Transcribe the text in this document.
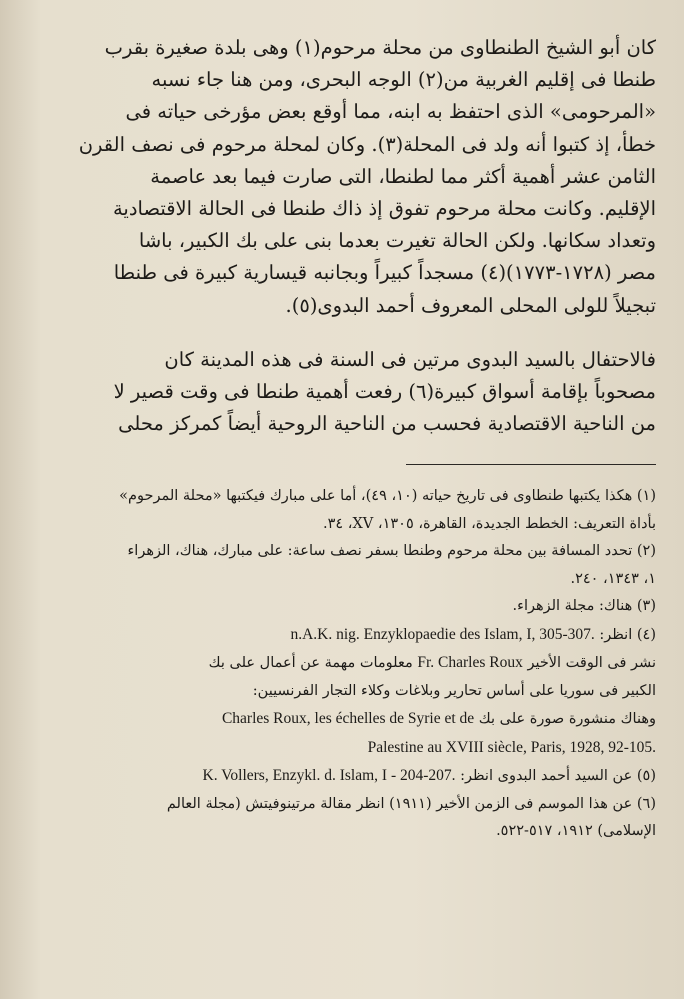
كان أبو الشيخ الطنطاوى من محلة مرحوم(١) وهى بلدة صغيرة بقرب
طنطا فى إقليم الغربية من(٢) الوجه البحرى، ومن هنا جاء نسبه
«المرحومى» الذى احتفظ به ابنه، مما أوقع بعض مؤرخى حياته فى
خطأ، إذ كتبوا أنه ولد فى المحلة(٣). وكان لمحلة مرحوم فى نصف القرن
الثامن عشر أهمية أكثر مما لطنطا، التى صارت فيما بعد عاصمة
الإقليم. وكانت محلة مرحوم تفوق إذ ذاك طنطا فى الحالة الاقتصادية
وتعداد سكانها. ولكن الحالة تغيرت بعدما بنى على بك الكبير، باشا
مصر (١٧٢٨-١٧٧٣)(٤) مسجداً كبيراً وبجانبه قيسارية كبيرة فى طنطا
تبجيلاً للولى المحلى المعروف أحمد البدوى(٥).
فالاحتفال بالسيد البدوى مرتين فى السنة فى هذه المدينة كان
مصحوباً بإقامة أسواق كبيرة(٦) رفعت أهمية طنطا فى وقت قصير لا
من الناحية الاقتصادية فحسب من الناحية الروحية أيضاً كمركز محلى
(١) هكذا يكتبها طنطاوى فى تاريخ حياته (١٠، ٤٩)، أما على مبارك فيكتبها «محلة المرحوم»
بأداة التعريف: الخطط الجديدة، القاهرة، ١٣٠٥، XV، ٣٤.
(٢) تحدد المسافة بين محلة مرحوم وطنطا بسفر نصف ساعة: على مبارك، هناك، الزهراء
١، ١٣٤٣، ٢٤٠.
(٣) هناك: مجلة الزهراء.
(٤) انظر: n.A.K. nig. Enzyklopaedie des Islam, I, 305-307.
نشر فى الوقت الأخير Fr. Charles Roux معلومات مهمة عن أعمال على بك
الكبير فى سوريا على أساس تحارير وبلاغات وكلاء التجار الفرنسيين:
وهناك منشورة صورة على بك Charles Roux, les échelles de Syrie et de
Palestine au XVIII siècle, Paris, 1928, 92-105.
(٥) عن السيد أحمد البدوى انظر: K. Vollers, Enzykl. d. Islam, I - 204-207.
(٦) عن هذا الموسم فى الزمن الأخير (١٩١١) انظر مقالة مرتينوفيتش (مجلة العالم
الإسلامى) ١٩١٢، ٥١٧-٥٢٢.
